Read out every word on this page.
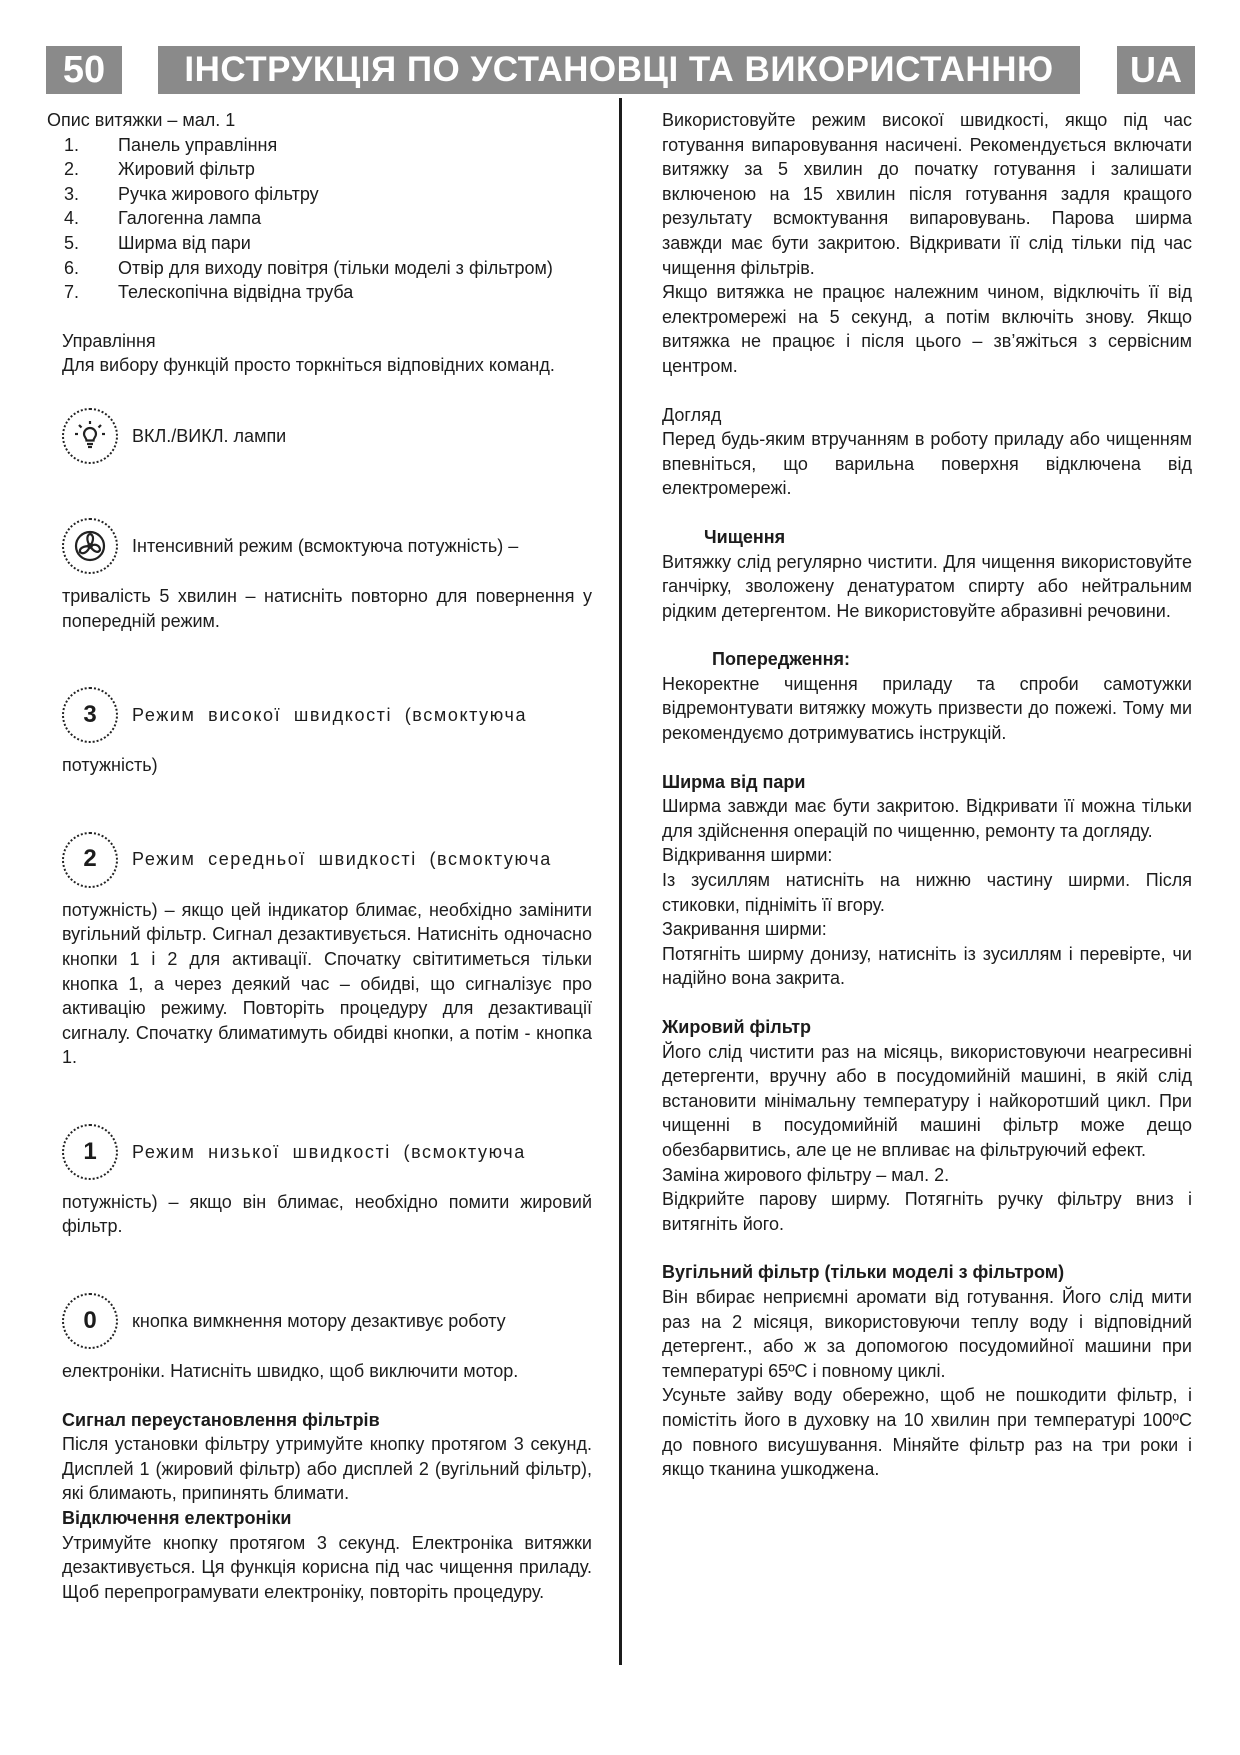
50	ІНСТРУКЦІЯ ПО УСТАНОВЦІ ТА ВИКОРИСТАННЮ	UA

Опис витяжки – мал. 1

1.	Панель управління
2.	Жировий фільтр
3.	Ручка жирового фільтру
4.	Галогенна лампа
5.	Ширма від пари
6.	Отвір для виходу повітря (тільки моделі з фільтром)
7.	Телескопічна відвідна труба

Управління

Для вибору функцій просто торкніться відповідних команд.

ВКЛ./ВИКЛ. лампи
Інтенсивний режим (всмоктуюча потужність) –

тривалість 5 хвилин – натисніть повторно для повернення у попередній режим.

3	Режим високої швидкості (всмоктуюча

потужність)

2	Режим середньої швидкості (всмоктуюча

потужність) – якщо цей індикатор блимає, необхідно замінити вугільний фільтр. Сигнал дезактивується. Натисніть одночасно кнопки 1 і 2 для активації. Спочатку світитиметься тільки кнопка 1, а через деякий час – обидві, що сигналізує про активацію режиму. Повторіть процедуру для дезактивації сигналу. Спочатку блиматимуть обидві кнопки, а потім - кнопка 1.

1	Режим низької швидкості (всмоктуюча

потужність) – якщо він блимає, необхідно помити жировий фільтр.

0	кнопка вимкнення мотору дезактивує роботу

електроніки. Натисніть швидко, щоб виключити мотор.

Сигнал переустановлення фільтрів

Після установки фільтру утримуйте кнопку протягом 3 секунд. Дисплей 1 (жировий фільтр) або дисплей 2 (вугільний фільтр), які блимають, припинять блимати.

Відключення електроніки

Утримуйте кнопку протягом 3 секунд. Електроніка витяжки дезактивується. Ця функція корисна під час чищення приладу. Щоб перепрограмувати електроніку, повторіть процедуру.

Використовуйте режим високої швидкості, якщо під час готування випаровування насичені. Рекомендується включати витяжку за 5 хвилин до початку готування і залишати включеною на 15 хвилин після готування задля кращого результату всмоктування випаровувань. Парова ширма завжди має бути закритою. Відкривати її слід тільки під час чищення фільтрів.

Якщо витяжка не працює належним чином, відключіть її від електромережі на 5 секунд, а потім включіть знову. Якщо витяжка не працює і після цього – зв’яжіться з сервісним центром.

Догляд

Перед будь-яким втручанням в роботу приладу або чищенням впевніться, що варильна поверхня відключена від електромережі.

Чищення

Витяжку слід регулярно чистити. Для чищення використовуйте ганчірку, зволожену денатуратом спирту або нейтральним рідким детергентом. Не використовуйте абразивні речовини.

Попередження:

Некоректне чищення приладу та спроби самотужки відремонтувати витяжку можуть призвести до пожежі. Тому ми рекомендуємо дотримуватись інструкцій.

Ширма від пари

Ширма завжди має бути закритою. Відкривати її можна тільки для здійснення операцій по чищенню, ремонту та догляду.

Відкривання ширми:

Із зусиллям натисніть на нижню частину ширми. Після стиковки, підніміть її вгору.

Закривання ширми:

Потягніть ширму донизу, натисніть із зусиллям і перевірте, чи надійно вона закрита.

Жировий фільтр

Його слід чистити раз на місяць, використовуючи неагресивні детергенти, вручну або в посудомийній машині, в якій слід встановити мінімальну температуру і найкоротший цикл. При чищенні в посудомийній машині фільтр може дещо обезбарвитись, але це не впливає на фільтруючий ефект.

Заміна жирового фільтру – мал. 2.

Відкрийте парову ширму. Потягніть ручку фільтру вниз і витягніть його.

Вугільний фільтр (тільки моделі з фільтром)

Він вбирає неприємні аромати від готування. Його слід мити раз на 2 місяця, використовуючи теплу воду і відповідний детергент., або ж за допомогою посудомийної машини при температурі 65ºC і повному циклі.

Усуньте зайву воду обережно, щоб не пошкодити фільтр, і помістіть його в духовку на 10 хвилин при температурі 100ºC до повного висушування. Міняйте фільтр раз на три роки і якщо тканина ушкоджена.
